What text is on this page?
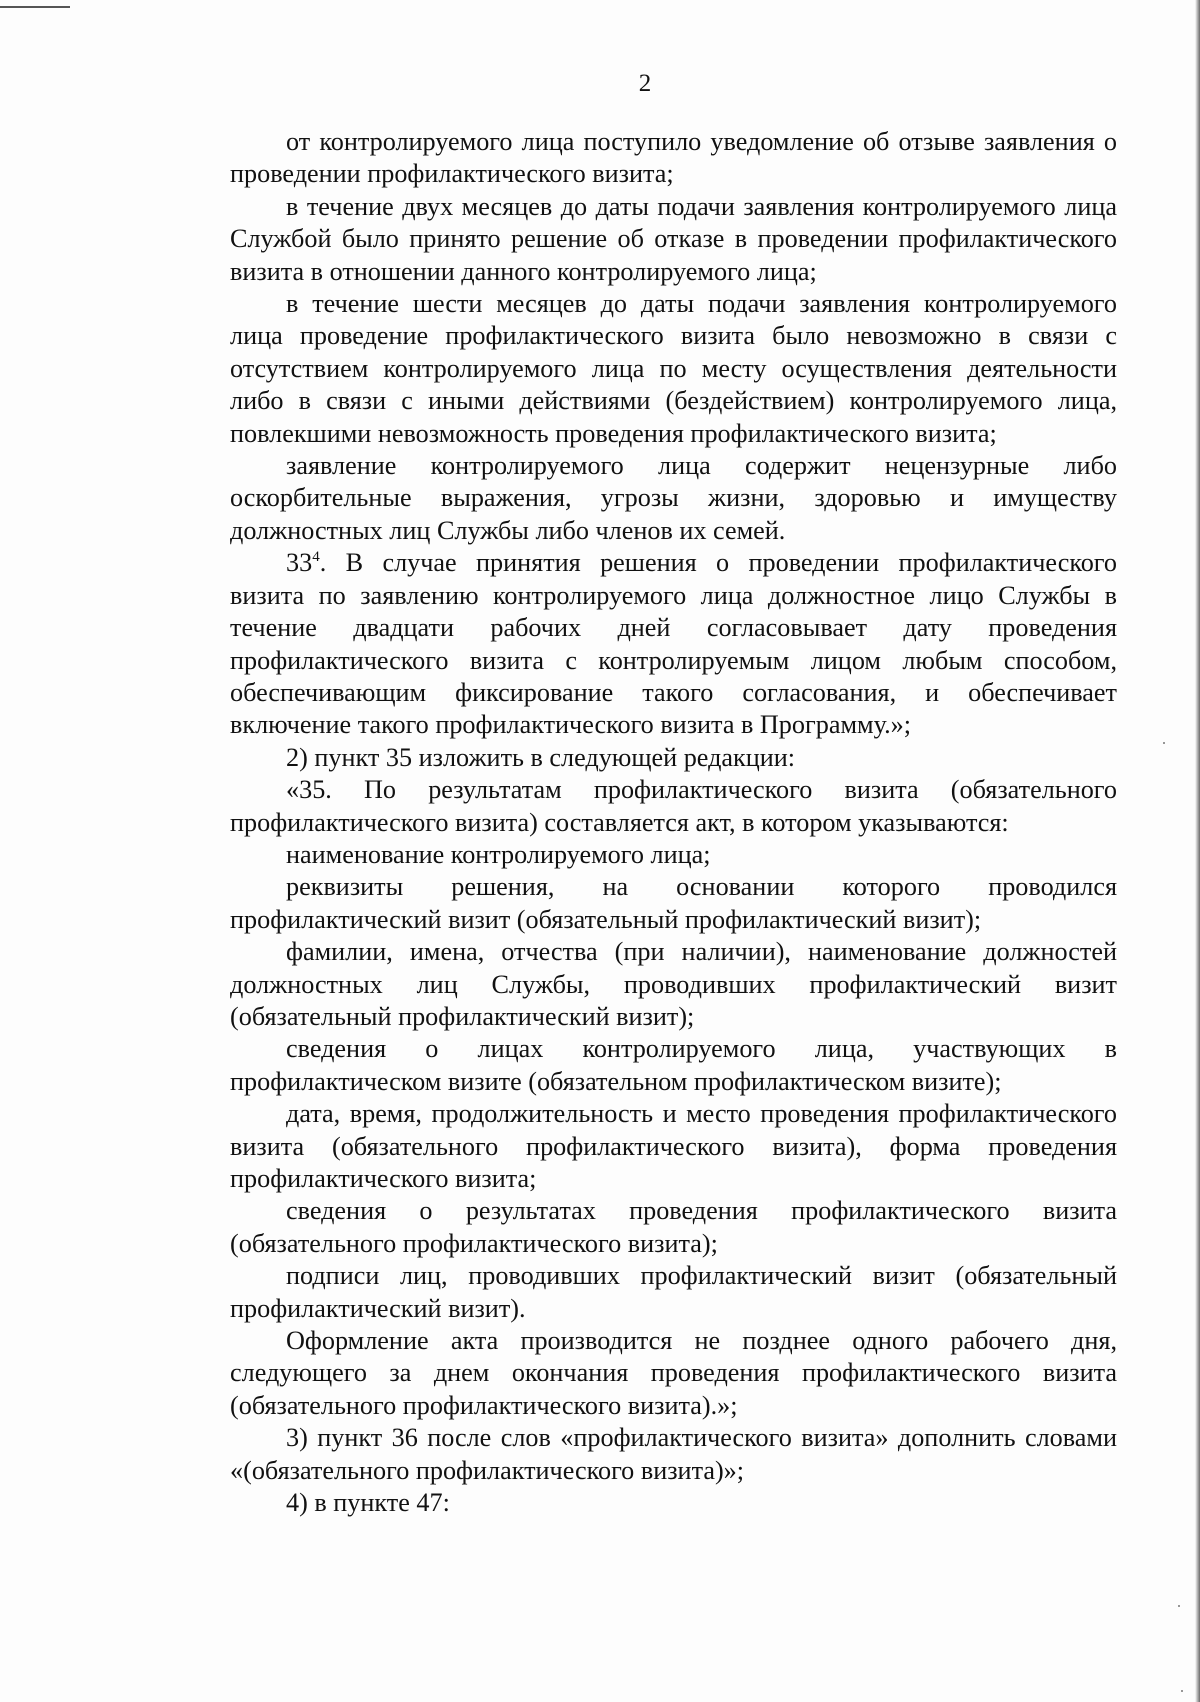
2

от контролируемого лица поступило уведомление об отзыве заявления о
проведении профилактического визита;

в течение двух месяцев до даты подачи заявления контролируемого лица
Службой было принято решение об отказе в проведении профилактического
визита в отношении данного контролируемого лица;

в течение шести месяцев до даты подачи заявления контролируемого
лица проведение профилактического визита было невозможно в связи с
отсутствием контролируемого лица по месту осуществления деятельности
либо в связи с иными действиями (бездействием) контролируемого лица,
повлекшими невозможность проведения профилактического визита;

заявление контролируемого лица содержит нецензурные либо
оскорбительные выражения, угрозы жизни, здоровью и имуществу
должностных лиц Службы либо членов их семей.

$33^4$. В случае принятия решения о проведении профилактического
визита по заявлению контролируемого лица должностное лицо Службы в
течение двадцати рабочих дней согласовывает дату проведения
профилактического визита с контролируемым лицом любым способом,
обеспечивающим фиксирование такого согласования, и обеспечивает
включение такого профилактического визита в Программу.»;

2) пункт 35 изложить в следующей редакции:

«35. По результатам профилактического визита (обязательного
профилактического визита) составляется акт, в котором указываются:

наименование контролируемого лица;

реквизиты решения, на основании которого проводился
профилактический визит (обязательный профилактический визит);

фамилии, имена, отчества (при наличии), наименование должностей
должностных лиц Службы, проводивших профилактический визит
(обязательный профилактический визит);

сведения о лицах контролируемого лица, участвующих в
профилактическом визите (обязательном профилактическом визите);

дата, время, продолжительность и место проведения профилактического
визита (обязательного профилактического визита), форма проведения
профилактического визита;

сведения о результатах проведения профилактического визита
(обязательного профилактического визита);

подписи лиц, проводивших профилактический визит (обязательный
профилактический визит).

Оформление акта производится не позднее одного рабочего дня,
следующего за днем окончания проведения профилактического визита
(обязательного профилактического визита).»;

3) пункт 36 после слов «профилактического визита» дополнить словами
«(обязательного профилактического визита)»;

4) в пункте 47:
